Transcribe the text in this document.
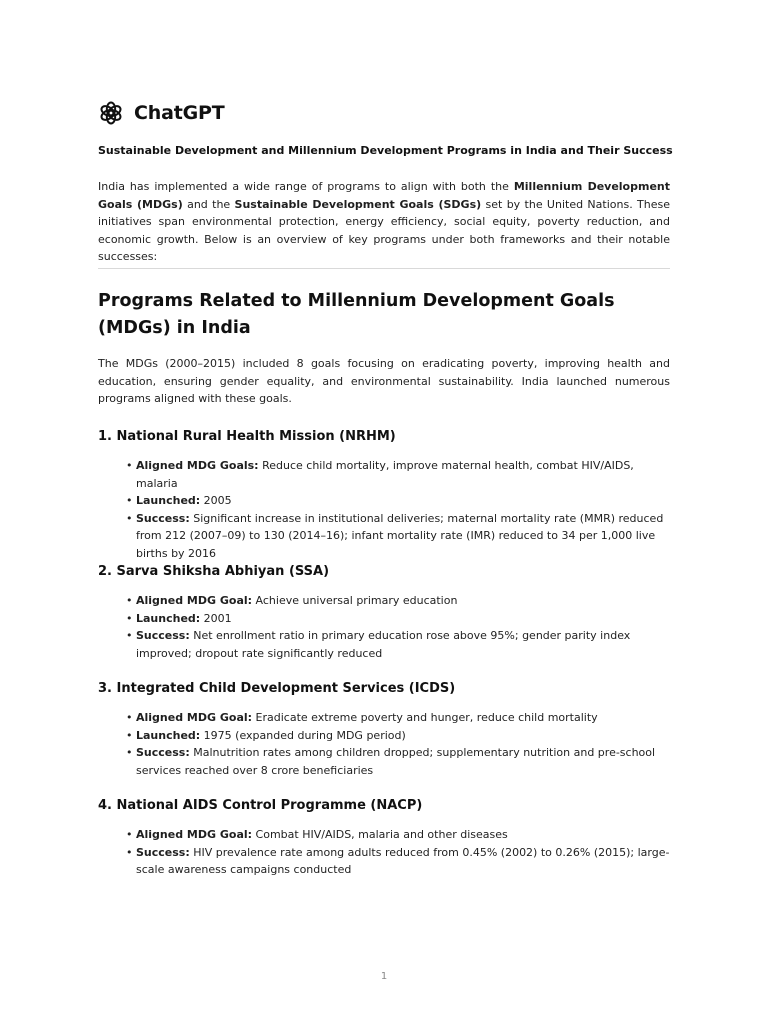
ChatGPT
Sustainable Development and Millennium Development Programs in India and Their Success

India has implemented a wide range of programs to align with both the Millennium Development Goals (MDGs) and the Sustainable Development Goals (SDGs) set by the United Nations. These initiatives span environmental protection, energy efficiency, social equity, poverty reduction, and economic growth. Below is an overview of key programs under both frameworks and their notable successes:

Programs Related to Millennium Development Goals (MDGs) in India

The MDGs (2000–2015) included 8 goals focusing on eradicating poverty, improving health and education, ensuring gender equality, and environmental sustainability. India launched numerous programs aligned with these goals.

1. National Rural Health Mission (NRHM)
• Aligned MDG Goals: Reduce child mortality, improve maternal health, combat HIV/AIDS, malaria
• Launched: 2005
• Success: Significant increase in institutional deliveries; maternal mortality rate (MMR) reduced from 212 (2007–09) to 130 (2014–16); infant mortality rate (IMR) reduced to 34 per 1,000 live births by 2016
2. Sarva Shiksha Abhiyan (SSA)
• Aligned MDG Goal: Achieve universal primary education
• Launched: 2001
• Success: Net enrollment ratio in primary education rose above 95%; gender parity index improved; dropout rate significantly reduced
3. Integrated Child Development Services (ICDS)
• Aligned MDG Goal: Eradicate extreme poverty and hunger, reduce child mortality
• Launched: 1975 (expanded during MDG period)
• Success: Malnutrition rates among children dropped; supplementary nutrition and pre-school services reached over 8 crore beneficiaries
4. National AIDS Control Programme (NACP)
• Aligned MDG Goal: Combat HIV/AIDS, malaria and other diseases
• Success: HIV prevalence rate among adults reduced from 0.45% (2002) to 0.26% (2015); large-scale awareness campaigns conducted
1
